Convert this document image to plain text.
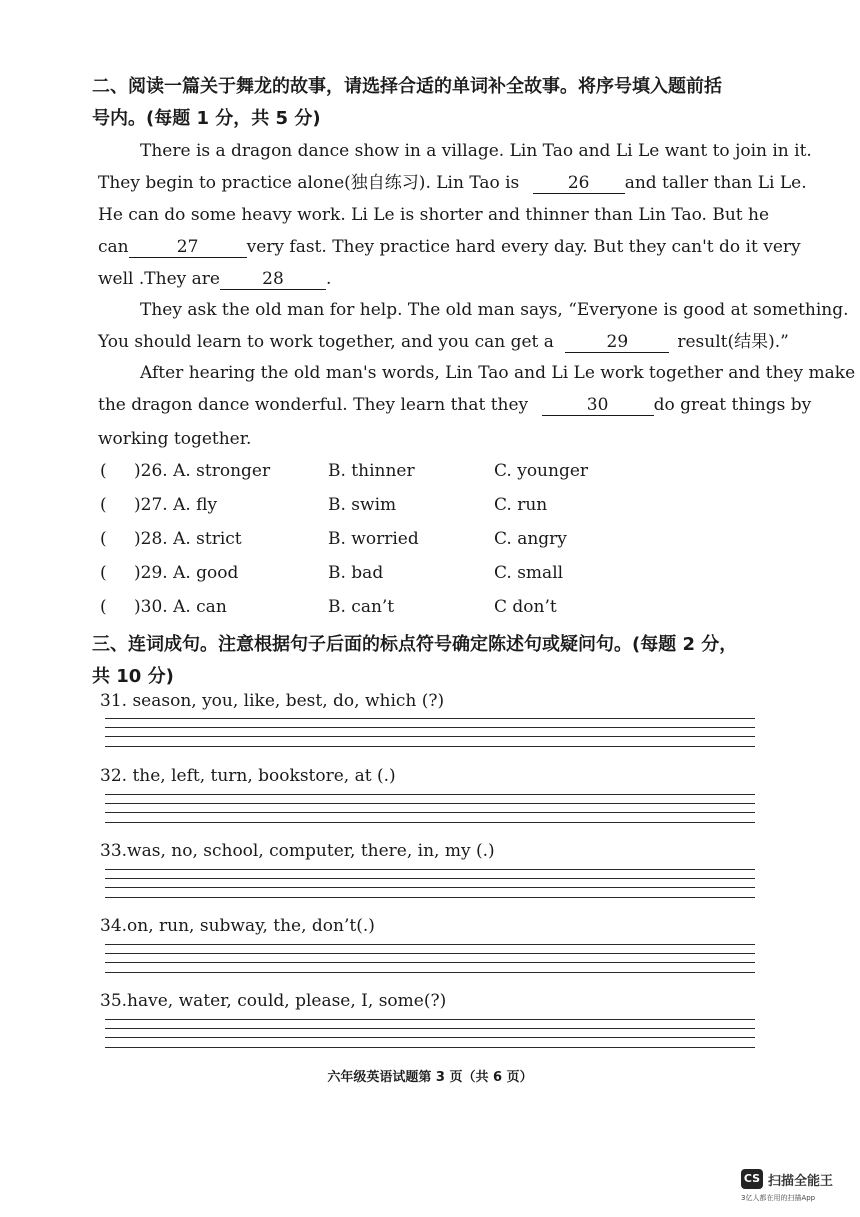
二、阅读一篇关于舞龙的故事，请选择合适的单词补全故事。将序号填入题前括
号内。(每题 1 分，共 5 分)
There is a dragon dance show in a village. Lin Tao and Li Le want to join in it.
They begin to practice alone(独自练习). Lin Tao is	26 and taller than Li Le.
He can do some heavy work. Li Le is shorter and thinner than Lin Tao. But he
can	27	very fast. They practice hard every day. But they can't do it very
well .They are 28 .
They ask the old man for help. The old man says, “Everyone is good at something.
You should learn to work together, and you can get a	29	result(结果).”
After hearing the old man's words, Lin Tao and Li Le work together and they make
the dragon dance wonderful. They learn that they	30	do great things by
working together.
( )26. A. stronger	B. thinner	C. younger
( )27. A. fly	B. swim	C. run
( )28. A. strict	B. worried	C. angry
( )29. A. good	B. bad	C. small
( )30. A. can	B. can’t	C don’t
三、连词成句。注意根据句子后面的标点符号确定陈述句或疑问句。(每题 2 分，
共 10 分)
31. season, you, like, best, do, which (?)
32. the, left, turn, bookstore, at (.)
33.was, no, school, computer, there, in, my (.)
34.on, run, subway, the, don’t(.)
35.have, water, could, please, I, some(?)
六年级英语试题第 3 页（共 6 页）
CS 扫描全能王
3亿人都在用的扫描App
